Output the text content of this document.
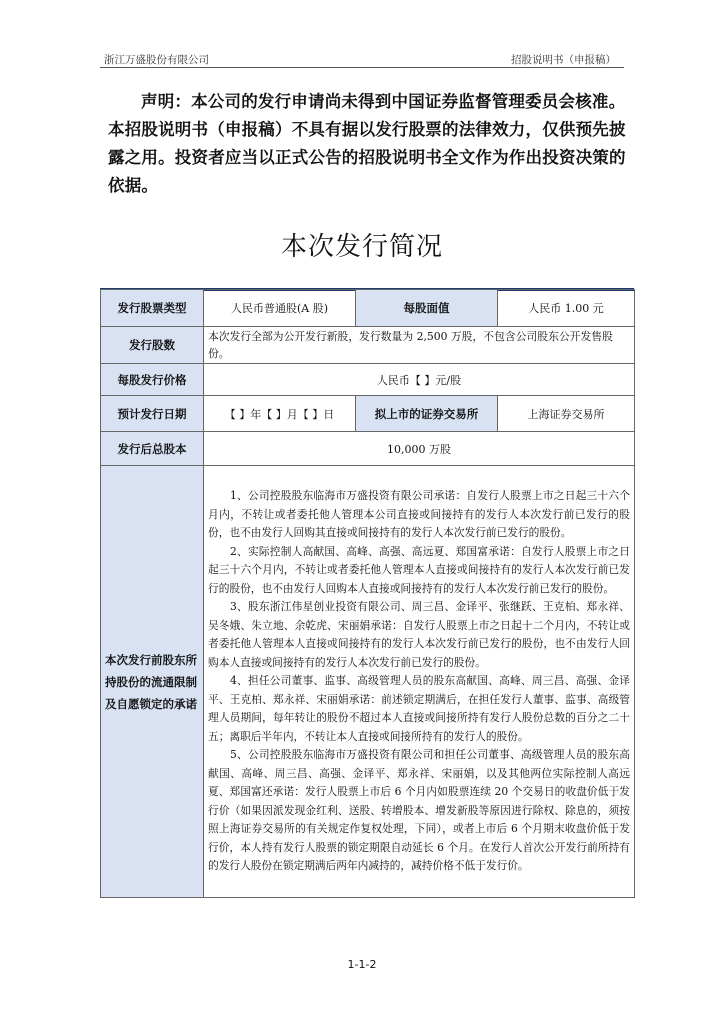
浙江万盛股份有限公司	招股说明书（申报稿）

声明：本公司的发行申请尚未得到中国证券监督管理委员会核准。本招股说明书（申报稿）不具有据以发行股票的法律效力，仅供预先披露之用。投资者应当以正式公告的招股说明书全文作为作出投资决策的依据。

本次发行简况
发行股票类型	人民币普通股(A 股)	每股面值	人民币 1.00 元
发行股数	本次发行全部为公开发行新股，发行数量为 2,500 万股，不包含公司股东公开发售股份。		
每股发行价格	人民币【 】元/股		
预计发行日期	【 】年【 】月【 】日	拟上市的证券交易所	上海证券交易所
发行后总股本	10,000 万股		
本次发行前股东所持股份的流通限制及自愿锁定的承诺	1、公司控股股东临海市万盛投资有限公司承诺：自发行人股票上市之日起三十六个月内，不转让或者委托他人管理本公司直接或间接持有的发行人本次发行前已发行的股份，也不由发行人回购其直接或间接持有的发行人本次发行前已发行的股份。

2、实际控制人高献国、高峰、高强、高远夏、郑国富承诺：自发行人股票上市之日起三十六个月内，不转让或者委托他人管理本人直接或间接持有的发行人本次发行前已发行的股份，也不由发行人回购本人直接或间接持有的发行人本次发行前已发行的股份。

3、股东浙江伟星创业投资有限公司、周三昌、金译平、张继跃、王克柏、郑永祥、吴冬娥、朱立地、余乾虎、宋丽娟承诺：自发行人股票上市之日起十二个月内，不转让或者委托他人管理本人直接或间接持有的发行人本次发行前已发行的股份，也不由发行人回购本人直接或间接持有的发行人本次发行前已发行的股份。

4、担任公司董事、监事、高级管理人员的股东高献国、高峰、周三昌、高强、金译平、王克柏、郑永祥、宋丽娟承诺：前述锁定期满后，在担任发行人董事、监事、高级管理人员期间，每年转让的股份不超过本人直接或间接所持有发行人股份总数的百分之二十五；离职后半年内，不转让本人直接或间接所持有的发行人的股份。

5、公司控股股东临海市万盛投资有限公司和担任公司董事、高级管理人员的股东高献国、高峰、周三昌、高强、金译平、郑永祥、宋丽娟，以及其他两位实际控制人高远夏、郑国富还承诺：发行人股票上市后 6 个月内如股票连续 20 个交易日的收盘价低于发行价（如果因派发现金红利、送股、转增股本、增发新股等原因进行除权、除息的，须按照上海证券交易所的有关规定作复权处理，下同），或者上市后 6 个月期末收盘价低于发行价，本人持有发行人股票的锁定期限自动延长 6 个月。在发行人首次公开发行前所持有的发行人股份在锁定期满后两年内减持的，减持价格不低于发行价。		

1-1-2
